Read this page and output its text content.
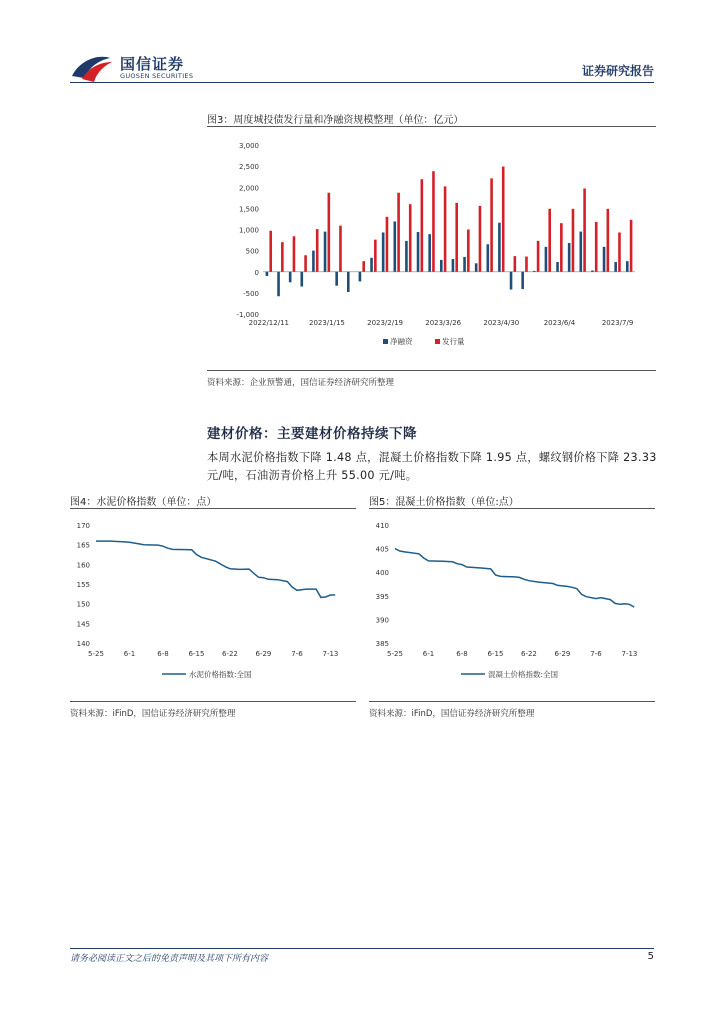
国信证券
GUOSEN SECURITIES	证券研究报告
图3：周度城投债发行量和净融资规模整理（单位：亿元）
-1,000
-500
0
500
1,000
1,500
2,000
2,500
3,000
2022/12/11	2023/1/15	2023/2/19	2023/3/26	2023/4/30	2023/6/4	2023/7/9
净融资	发行量
资料来源：企业预警通，国信证券经济研究所整理
建材价格：主要建材价格持续下降
本周水泥价格指数下降 1.48 点，混凝土价格指数下降 1.95 点，螺纹钢价格下降 23.33 元/吨，石油沥青价格上升 55.00 元/吨。
图4：水泥价格指数（单位：点）
140
145
150
155
160
165
170
5-25	6-1	6-8	6-15	6-22	6-29	7-6	7-13
水泥价格指数:全国
资料来源：iFinD，国信证券经济研究所整理
图5：混凝土价格指数（单位:点）
385
390
395
400
405
410
5-25	6-1	6-8	6-15	6-22	6-29	7-6	7-13
混凝土价格指数:全国
资料来源：iFinD，国信证券经济研究所整理
请务必阅读正文之后的免责声明及其项下所有内容	5
